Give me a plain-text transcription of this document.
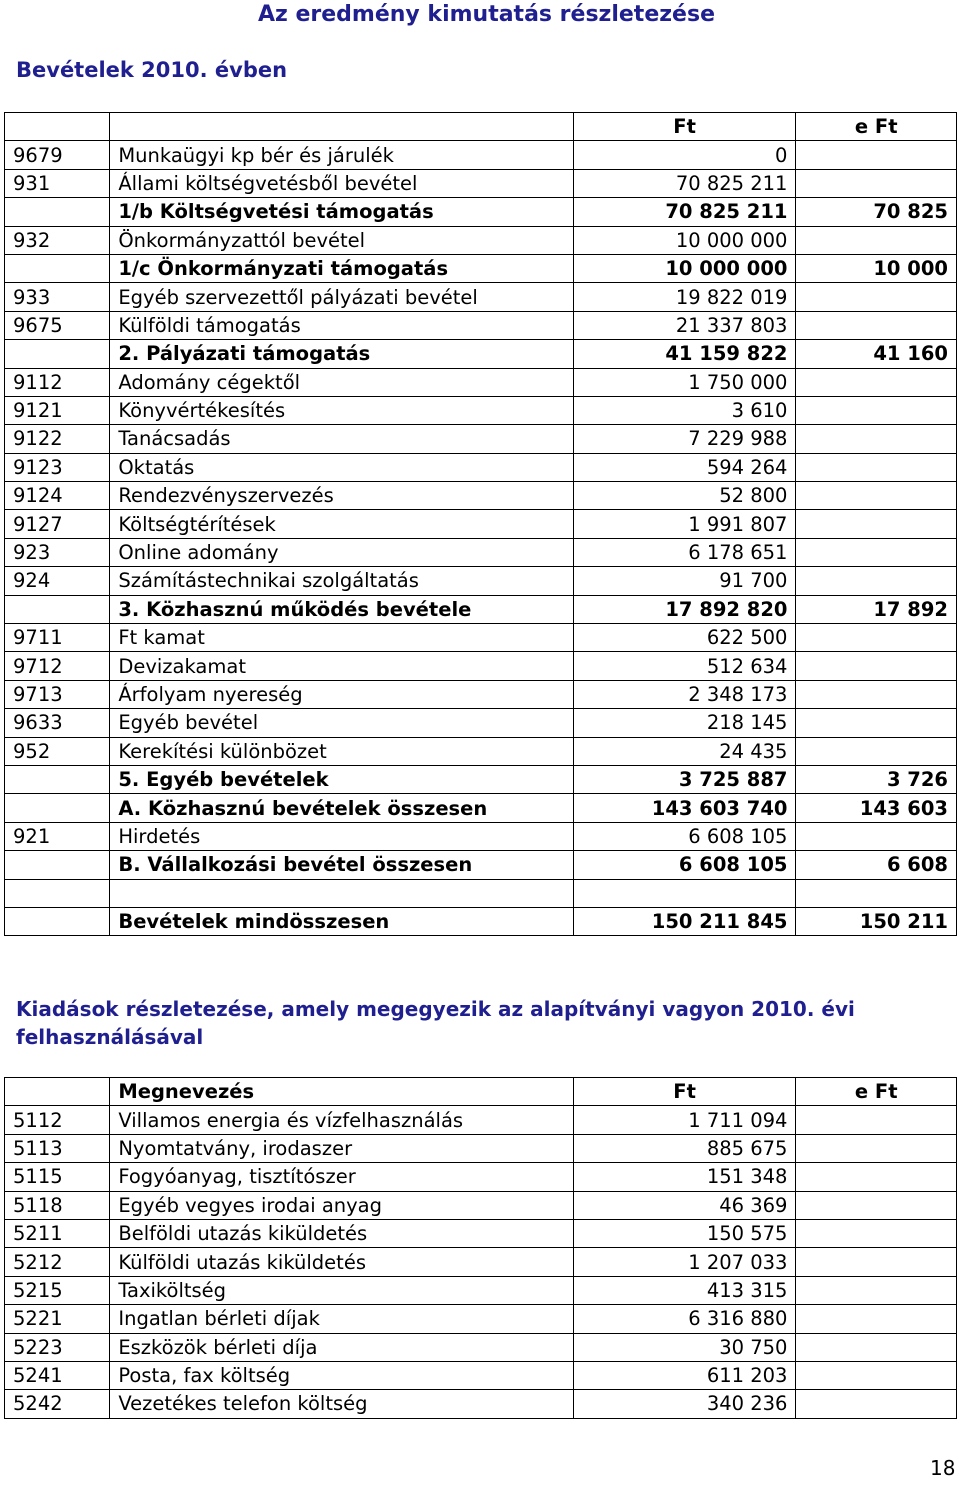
Az eredmény kimutatás részletezése
Bevételek 2010. évben
		Ft	e Ft
9679	Munkaügyi kp bér és járulék	0	
931	Állami költségvetésből bevétel	70 825 211	
	1/b Költségvetési támogatás	70 825 211	70 825
932	Önkormányzattól bevétel	10 000 000	
	1/c Önkormányzati támogatás	10 000 000	10 000
933	Egyéb szervezettől pályázati bevétel	19 822 019	
9675	Külföldi támogatás	21 337 803	
	2. Pályázati támogatás	41 159 822	41 160
9112	Adomány cégektől	1 750 000	
9121	Könyvértékesítés	3 610	
9122	Tanácsadás	7 229 988	
9123	Oktatás	594 264	
9124	Rendezvényszervezés	52 800	
9127	Költségtérítések	1 991 807	
923	Online adomány	6 178 651	
924	Számítástechnikai szolgáltatás	91 700	
	3. Közhasznú működés bevétele	17 892 820	17 892
9711	Ft kamat	622 500	
9712	Devizakamat	512 634	
9713	Árfolyam nyereség	2 348 173	
9633	Egyéb bevétel	218 145	
952	Kerekítési különbözet	24 435	
	5. Egyéb bevételek	3 725 887	3 726
	A. Közhasznú bevételek összesen	143 603 740	143 603
921	Hirdetés	6 608 105	
	B. Vállalkozási bevétel összesen	6 608 105	6 608

	Bevételek mindösszesen	150 211 845	150 211
Kiadások részletezése, amely megegyezik az alapítványi vagyon 2010. évi felhasználásával
	Megnevezés	Ft	e Ft
5112	Villamos energia és vízfelhasználás	1 711 094	
5113	Nyomtatvány, irodaszer	885 675	
5115	Fogyóanyag, tisztítószer	151 348	
5118	Egyéb vegyes irodai anyag	46 369	
5211	Belföldi utazás kiküldetés	150 575	
5212	Külföldi utazás kiküldetés	1 207 033	
5215	Taxiköltség	413 315	
5221	Ingatlan bérleti díjak	6 316 880	
5223	Eszközök bérleti díja	30 750	
5241	Posta, fax költség	611 203	
5242	Vezetékes telefon költség	340 236	
18
